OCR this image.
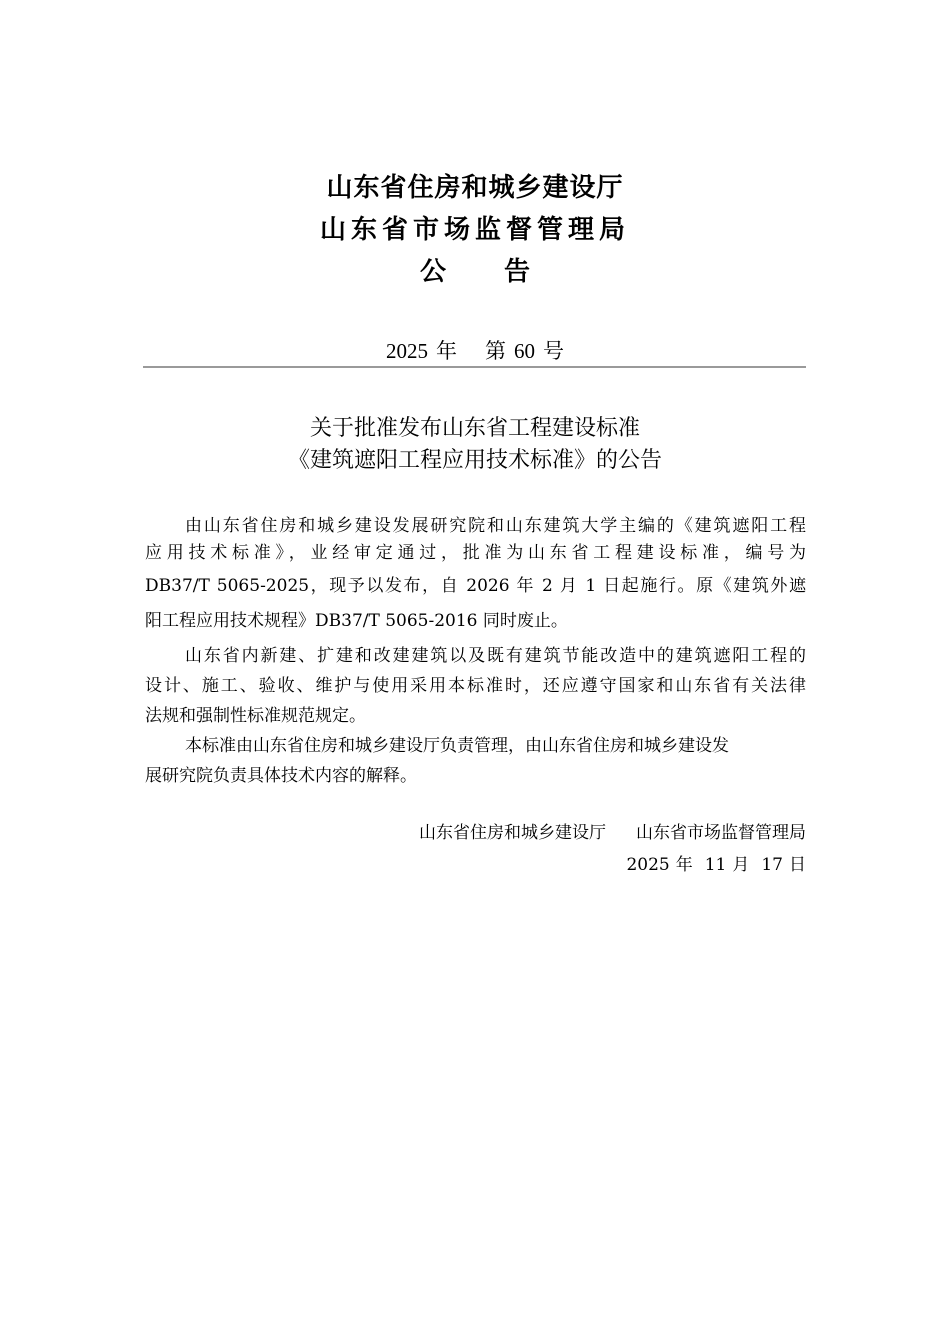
山东省住房和城乡建设厅
山东省市场监督管理局
公 告
2025 年 第 60 号
关于批准发布山东省工程建设标准
《建筑遮阳工程应用技术标准》的公告
由山东省住房和城乡建设发展研究院和山东建筑大学主编的《建筑遮阳工程
应用技术标准》，业经审定通过，批准为山东省工程建设标准，编号为
DB37/T 5065-2025，现予以发布，自 2026 年 2 月 1 日起施行。原《建筑外遮
阳工程应用技术规程》DB37/T 5065-2016 同时废止。
山东省内新建、扩建和改建建筑以及既有建筑节能改造中的建筑遮阳工程的
设计、施工、验收、维护与使用采用本标准时，还应遵守国家和山东省有关法律
法规和强制性标准规范规定。
本标准由山东省住房和城乡建设厅负责管理，由山东省住房和城乡建设发
展研究院负责具体技术内容的解释。
山东省住房和城乡建设厅 山东省市场监督管理局
2025 年 11 月 17 日
